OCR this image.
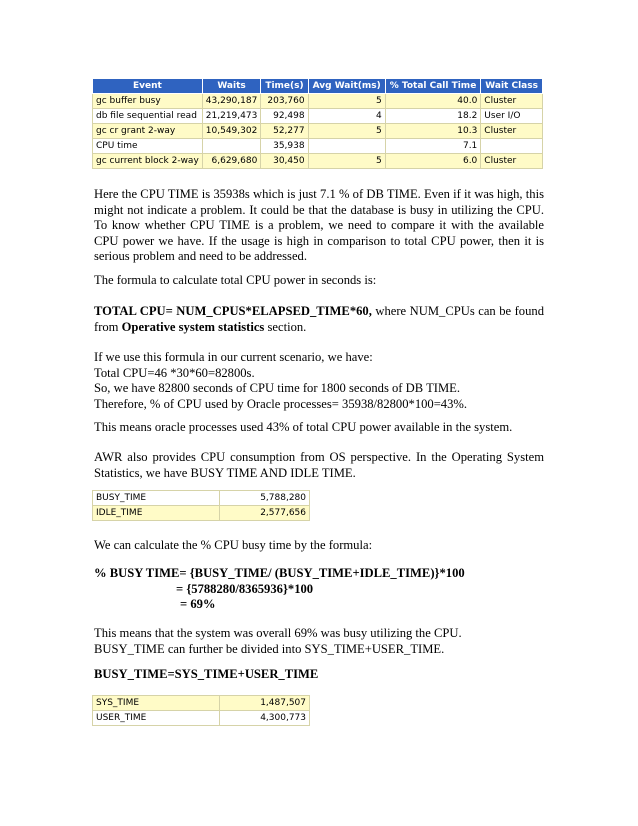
Event	Waits	Time(s)	Avg Wait(ms)	% Total Call Time	Wait Class
gc buffer busy	43,290,187	203,760	5	40.0	Cluster
db file sequential read	21,219,473	92,498	4	18.2	User I/O
gc cr grant 2-way	10,549,302	52,277	5	10.3	Cluster
CPU time		35,938		7.1	
gc current block 2-way	6,629,680	30,450	5	6.0	Cluster
Here the CPU TIME is 35938s which is just 7.1 % of DB TIME. Even if it was high, this might not indicate a problem. It could be that the database is busy in utilizing the CPU. To know whether CPU TIME is a problem, we need to compare it with the available CPU power we have. If the usage is high in comparison to total CPU power, then it is serious problem and need to be addressed.
The formula to calculate total CPU power in seconds is:
TOTAL CPU= NUM_CPUS*ELAPSED_TIME*60, where NUM_CPUs can be found from Operative system statistics section.
If we use this formula in our current scenario, we have:
Total CPU=46 *30*60=82800s.
So, we have 82800 seconds of CPU time for 1800 seconds of DB TIME.
Therefore, % of CPU used by Oracle processes= 35938/82800*100=43%.
This means oracle processes used 43% of total CPU power available in the system.
AWR also provides CPU consumption from OS perspective. In the Operating System Statistics, we have BUSY TIME AND IDLE TIME.
BUSY_TIME	5,788,280
IDLE_TIME	2,577,656
We can calculate the % CPU busy time by the formula:
% BUSY TIME= {BUSY_TIME/ (BUSY_TIME+IDLE_TIME)}*100
= {5788280/8365936}*100
= 69%
This means that the system was overall 69% was busy utilizing the CPU.
BUSY_TIME can further be divided into SYS_TIME+USER_TIME.
BUSY_TIME=SYS_TIME+USER_TIME
SYS_TIME	1,487,507
USER_TIME	4,300,773
